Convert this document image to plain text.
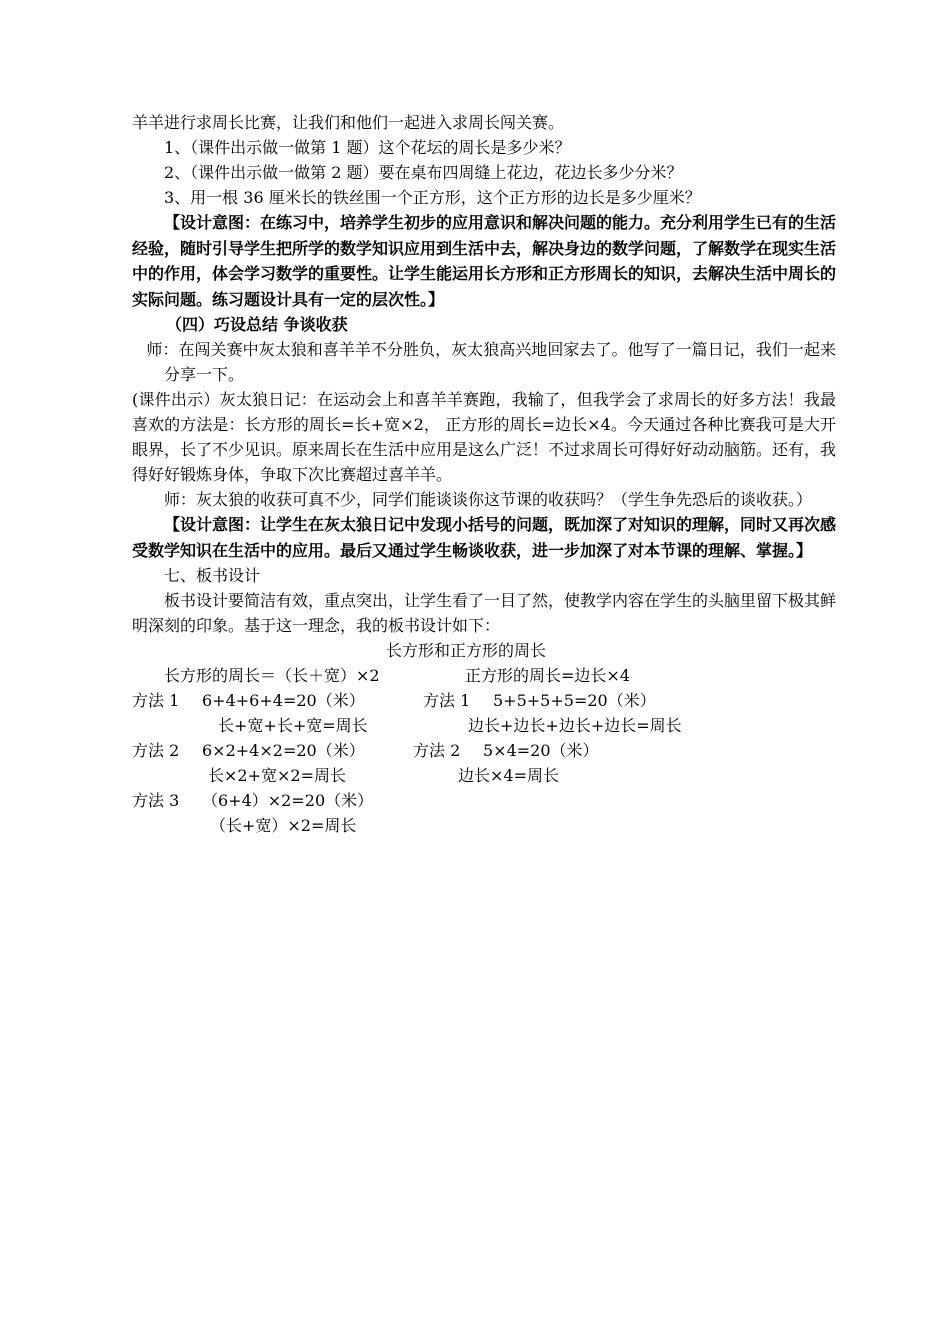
羊羊进行求周长比赛，让我们和他们一起进入求周长闯关赛。

1、（课件出示做一做第 1 题）这个花坛的周长是多少米？

2、（课件出示做一做第 2 题）要在桌布四周缝上花边，花边长多少分米？

3、用一根 36 厘米长的铁丝围一个正方形，这个正方形的边长是多少厘米？

【设计意图：在练习中，培养学生初步的应用意识和解决问题的能力。充分利用学生已有的生活经验，随时引导学生把所学的数学知识应用到生活中去，解决身边的数学问题，了解数学在现实生活中的作用，体会学习数学的重要性。让学生能运用长方形和正方形周长的知识，去解决生活中周长的实际问题。练习题设计具有一定的层次性。】

（四）巧设总结 争谈收获

师：在闯关赛中灰太狼和喜羊羊不分胜负，灰太狼高兴地回家去了。他写了一篇日记，我们一起来分享一下。

(课件出示）灰太狼日记：在运动会上和喜羊羊赛跑，我输了，但我学会了求周长的好多方法！我最喜欢的方法是：长方形的周长=长+宽×2， 正方形的周长=边长×4。今天通过各种比赛我可是大开眼界，长了不少见识。原来周长在生活中应用是这么广泛！不过求周长可得好好动动脑筋。还有，我得好好锻炼身体，争取下次比赛超过喜羊羊。

师：灰太狼的收获可真不少，同学们能谈谈你这节课的收获吗？（学生争先恐后的谈收获。）

【设计意图：让学生在灰太狼日记中发现小括号的问题，既加深了对知识的理解，同时又再次感受数学知识在生活中的应用。最后又通过学生畅谈收获，进一步加深了对本节课的理解、掌握。】

七、板书设计

板书设计要简洁有效，重点突出，让学生看了一目了然，使教学内容在学生的头脑里留下极其鲜明深刻的印象。基于这一理念，我的板书设计如下：

长方形和正方形的周长
长方形的周长＝（长＋宽）×2	正方形的周长=边长×4
方法 1 6+4+6+4=20（米）	方法 1 5+5+5+5=20（米）
长+宽+长+宽=周长	边长+边长+边长+边长=周长
方法 2 6×2+4×2=20（米）	方法 2 5×4=20（米）
长×2+宽×2=周长	边长×4=周长
方法 3 （6+4）×2=20（米）
（长+宽）×2=周长
